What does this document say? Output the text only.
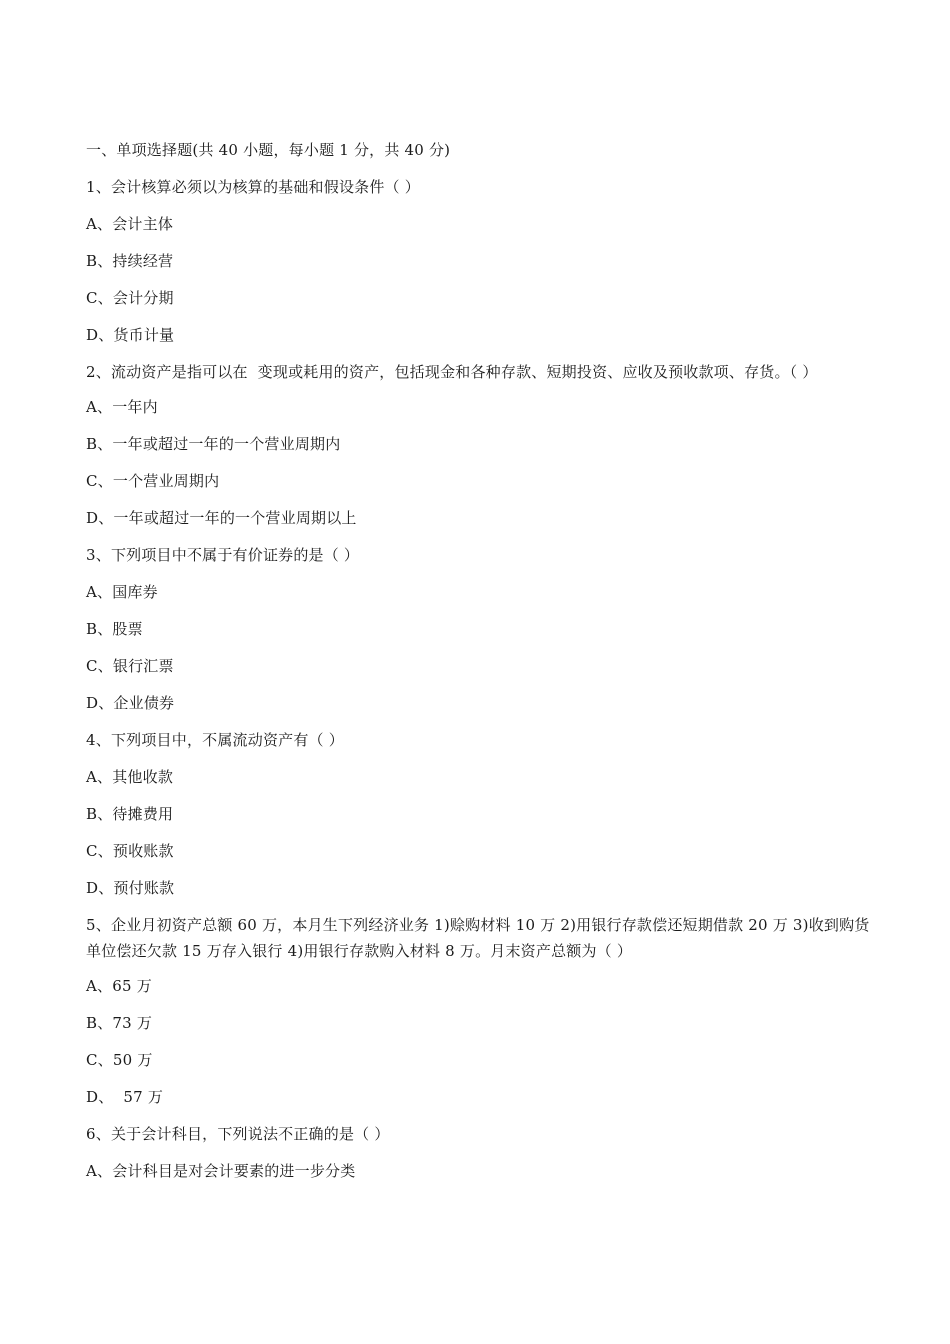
一、单项选择题(共 40 小题，每小题 1 分，共 40 分)
1、会计核算必须以为核算的基础和假设条件（ ）
A、会计主体
B、持续经营
C、会计分期
D、货币计量
2、流动资产是指可以在  变现或耗用的资产，包括现金和各种存款、短期投资、应收及预收款项、存货。（ ）
A、一年内
B、一年或超过一年的一个营业周期内
C、一个营业周期内
D、一年或超过一年的一个营业周期以上
3、下列项目中不属于有价证券的是（ ）
A、国库券
B、股票
C、银行汇票
D、企业债券
4、下列项目中，不属流动资产有（ ）
A、其他收款
B、待摊费用
C、预收账款
D、预付账款
5、企业月初资产总额 60 万，本月生下列经济业务 1)赊购材料 10 万 2)用银行存款偿还短期借款 20 万 3)收到购货单位偿还欠款 15 万存入银行 4)用银行存款购入材料 8 万。月末资产总额为（ ）
A、65 万
B、73 万
C、50 万
D、  57 万
6、关于会计科目，下列说法不正确的是（ ）
A、会计科目是对会计要素的进一步分类
